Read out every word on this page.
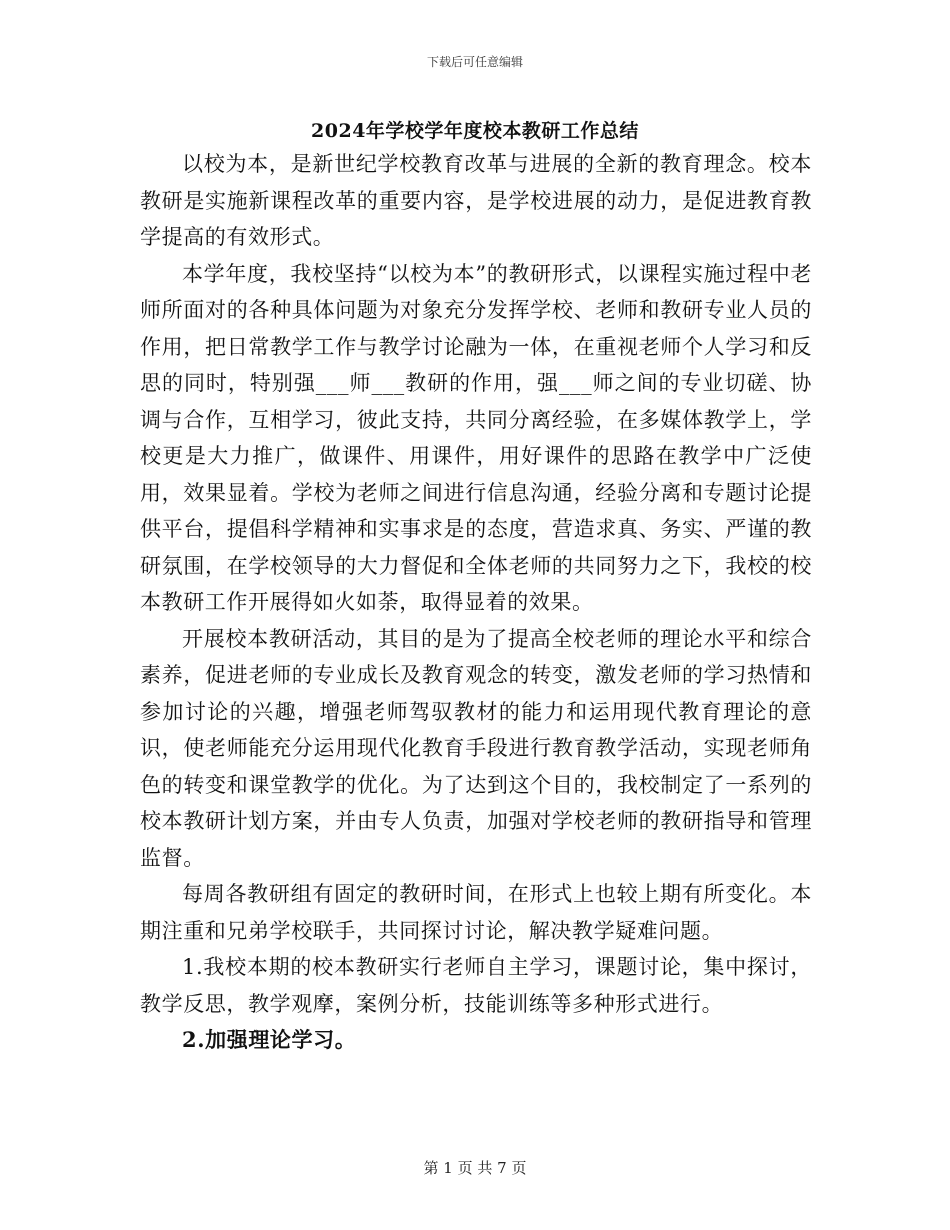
下载后可任意编辑
2024年学校学年度校本教研工作总结

以校为本，是新世纪学校教育改革与进展的全新的教育理念。校本教研是实施新课程改革的重要内容，是学校进展的动力，是促进教育教学提高的有效形式。

本学年度，我校坚持“以校为本”的教研形式，以课程实施过程中老师所面对的各种具体问题为对象充分发挥学校、老师和教研专业人员的作用，把日常教学工作与教学讨论融为一体，在重视老师个人学习和反思的同时，特别强___师___教研的作用，强___师之间的专业切磋、协调与合作，互相学习，彼此支持，共同分离经验，在多媒体教学上，学校更是大力推广，做课件、用课件，用好课件的思路在教学中广泛使用，效果显着。学校为老师之间进行信息沟通，经验分离和专题讨论提供平台，提倡科学精神和实事求是的态度，营造求真、务实、严谨的教研氛围，在学校领导的大力督促和全体老师的共同努力之下，我校的校本教研工作开展得如火如荼，取得显着的效果。

开展校本教研活动，其目的是为了提高全校老师的理论水平和综合素养，促进老师的专业成长及教育观念的转变，激发老师的学习热情和参加讨论的兴趣，增强老师驾驭教材的能力和运用现代教育理论的意识，使老师能充分运用现代化教育手段进行教育教学活动，实现老师角色的转变和课堂教学的优化。为了达到这个目的，我校制定了一系列的校本教研计划方案，并由专人负责，加强对学校老师的教研指导和管理监督。

每周各教研组有固定的教研时间，在形式上也较上期有所变化。本期注重和兄弟学校联手，共同探讨讨论，解决教学疑难问题。

1.我校本期的校本教研实行老师自主学习，课题讨论，集中探讨，教学反思，教学观摩，案例分析，技能训练等多种形式进行。

2.加强理论学习。

第 1 页 共 7 页
